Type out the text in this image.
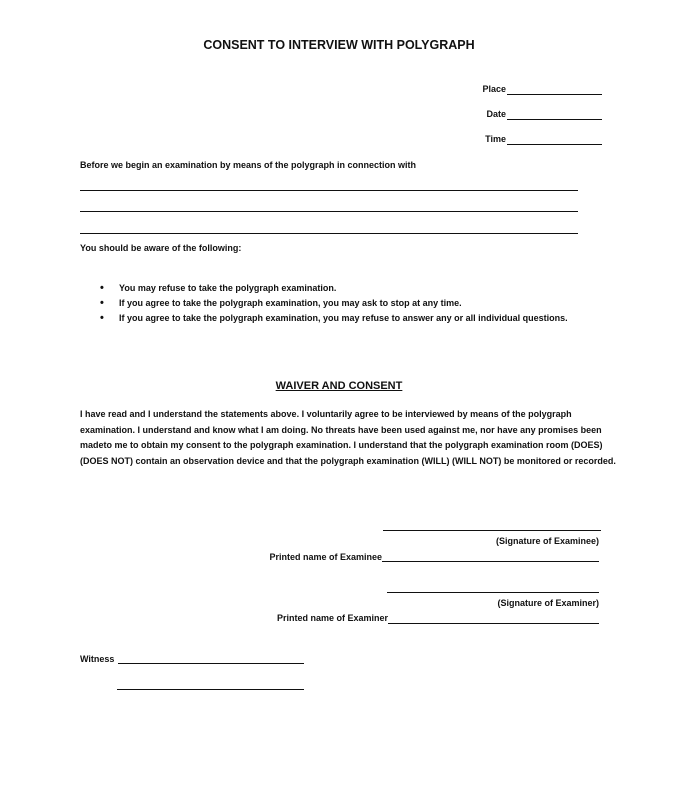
CONSENT TO INTERVIEW WITH POLYGRAPH
Place
Date
Time
Before we begin an examination by means of the polygraph in connection with
You should be aware of the following:
• You may refuse to take the polygraph examination.
• If you agree to take the polygraph examination, you may ask to stop at any time.
• If you agree to take the polygraph examination, you may refuse to answer any or all individual questions.
WAIVER AND CONSENT
I have read and I understand the statements above. I voluntarily agree to be interviewed by means of the polygraph examination. I understand and know what I am doing. No threats have been used against me, nor have any promises been madeto me to obtain my consent to the polygraph examination. I understand that the polygraph examination room (DOES) (DOES NOT) contain an observation device and that the polygraph examination (WILL) (WILL NOT) be monitored or recorded.
(Signature of Examinee)
Printed name of Examinee
(Signature of Examiner)
Printed name of Examiner
Witness
